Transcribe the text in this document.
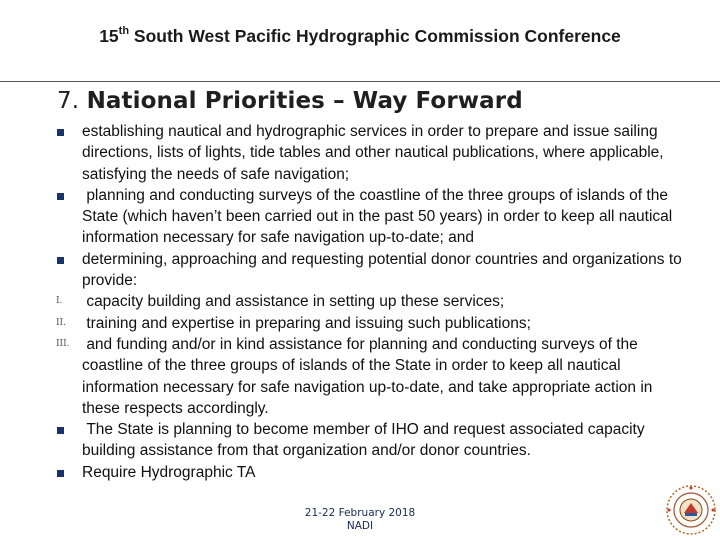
15th South West Pacific Hydrographic Commission Conference
7. National Priorities – Way Forward
establishing nautical and hydrographic services in order to prepare and issue sailing directions, lists of lights, tide tables and other nautical publications, where applicable, satisfying the needs of safe navigation;
planning and conducting surveys of the coastline of the three groups of islands of the State (which haven’t been carried out in the past 50 years) in order to keep all nautical information necessary for safe navigation up-to-date; and
determining, approaching and requesting potential donor countries and organizations to provide:
I.	capacity building and assistance in setting up these services;
II.	training and expertise in preparing and issuing such publications;
III. and funding and/or in kind assistance for planning and conducting surveys of the coastline of the three groups of islands of the State in order to keep all nautical information necessary for safe navigation up-to-date, and take appropriate action in these respects accordingly.
The State is planning to become member of IHO and request associated capacity building assistance from that organization and/or donor countries.
Require Hydrographic TA
21-22 February 2018
NADI
